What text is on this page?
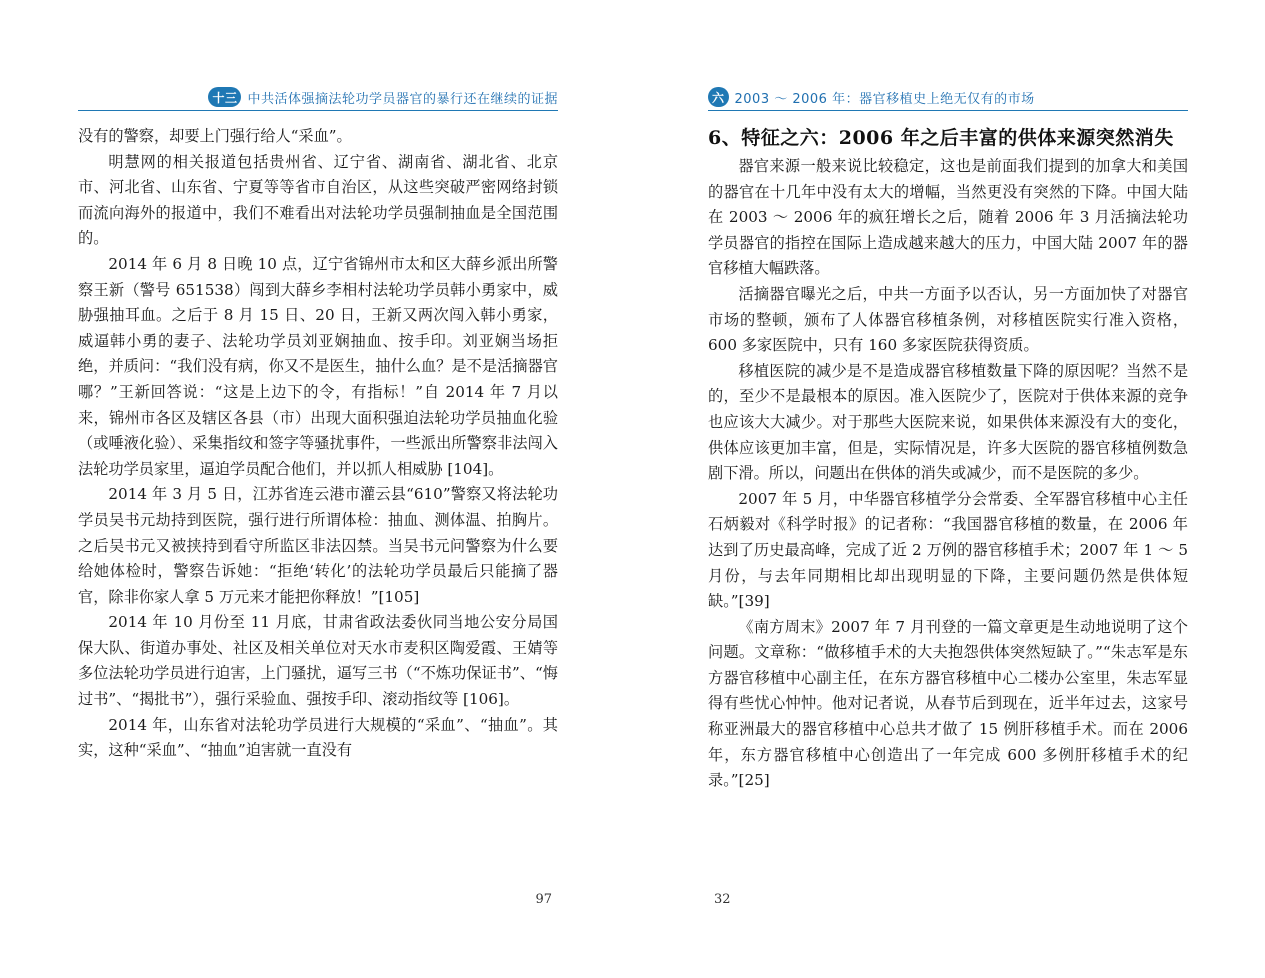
十三 中共活体强摘法轮功学员器官的暴行还在继续的证据

没有的警察，却要上门强行给人“采血”。

明慧网的相关报道包括贵州省、辽宁省、湖南省、湖北省、北京市、河北省、山东省、宁夏等等省市自治区，从这些突破严密网络封锁而流向海外的报道中，我们不难看出对法轮功学员强制抽血是全国范围的。

2014 年 6 月 8 日晚 10 点，辽宁省锦州市太和区大薛乡派出所警察王新（警号 651538）闯到大薛乡李相村法轮功学员韩小勇家中，威胁强抽耳血。之后于 8 月 15 日、20 日，王新又两次闯入韩小勇家，威逼韩小勇的妻子、法轮功学员刘亚娴抽血、按手印。刘亚娴当场拒绝，并质问：“我们没有病，你又不是医生，抽什么血？是不是活摘器官哪？”王新回答说：“这是上边下的令，有指标！”自 2014 年 7 月以来，锦州市各区及辖区各县（市）出现大面积强迫法轮功学员抽血化验（或唾液化验）、采集指纹和签字等骚扰事件，一些派出所警察非法闯入法轮功学员家里，逼迫学员配合他们，并以抓人相威胁 [104]。

2014 年 3 月 5 日，江苏省连云港市灌云县“610”警察又将法轮功学员吴书元劫持到医院，强行进行所谓体检：抽血、测体温、拍胸片。之后吴书元又被挟持到看守所监区非法囚禁。当吴书元问警察为什么要给她体检时，警察告诉她：“拒绝‘转化’的法轮功学员最后只能摘了器官，除非你家人拿 5 万元来才能把你释放！”[105]

2014 年 10 月份至 11 月底，甘肃省政法委伙同当地公安分局国保大队、街道办事处、社区及相关单位对天水市麦积区陶爱霞、王婧等多位法轮功学员进行迫害，上门骚扰，逼写三书（“不炼功保证书”、“悔过书”、“揭批书”），强行采验血、强按手印、滚动指纹等 [106]。

2014 年，山东省对法轮功学员进行大规模的“采血”、“抽血”。其实，这种“采血”、“抽血”迫害就一直没有

97
六 2003 ～ 2006 年：器官移植史上绝无仅有的市场
6、特征之六：2006 年之后丰富的供体来源突然消失

器官来源一般来说比较稳定，这也是前面我们提到的加拿大和美国的器官在十几年中没有太大的增幅，当然更没有突然的下降。中国大陆在 2003 ～ 2006 年的疯狂增长之后，随着 2006 年 3 月活摘法轮功学员器官的指控在国际上造成越来越大的压力，中国大陆 2007 年的器官移植大幅跌落。

活摘器官曝光之后，中共一方面予以否认，另一方面加快了对器官市场的整顿，颁布了人体器官移植条例，对移植医院实行准入资格，600 多家医院中，只有 160 多家医院获得资质。

移植医院的减少是不是造成器官移植数量下降的原因呢？当然不是的，至少不是最根本的原因。准入医院少了，医院对于供体来源的竞争也应该大大减少。对于那些大医院来说，如果供体来源没有大的变化，供体应该更加丰富，但是，实际情况是，许多大医院的器官移植例数急剧下滑。所以，问题出在供体的消失或减少，而不是医院的多少。

2007 年 5 月，中华器官移植学分会常委、全军器官移植中心主任石炳毅对《科学时报》的记者称：“我国器官移植的数量，在 2006 年达到了历史最高峰，完成了近 2 万例的器官移植手术；2007 年 1 ～ 5 月份，与去年同期相比却出现明显的下降，主要问题仍然是供体短缺。”[39]

《南方周末》2007 年 7 月刊登的一篇文章更是生动地说明了这个问题。文章称：“做移植手术的大夫抱怨供体突然短缺了。”“朱志军是东方器官移植中心副主任，在东方器官移植中心二楼办公室里，朱志军显得有些忧心忡忡。他对记者说，从春节后到现在，近半年过去，这家号称亚洲最大的器官移植中心总共才做了 15 例肝移植手术。而在 2006 年，东方器官移植中心创造出了一年完成 600 多例肝移植手术的纪录。”[25]

32
